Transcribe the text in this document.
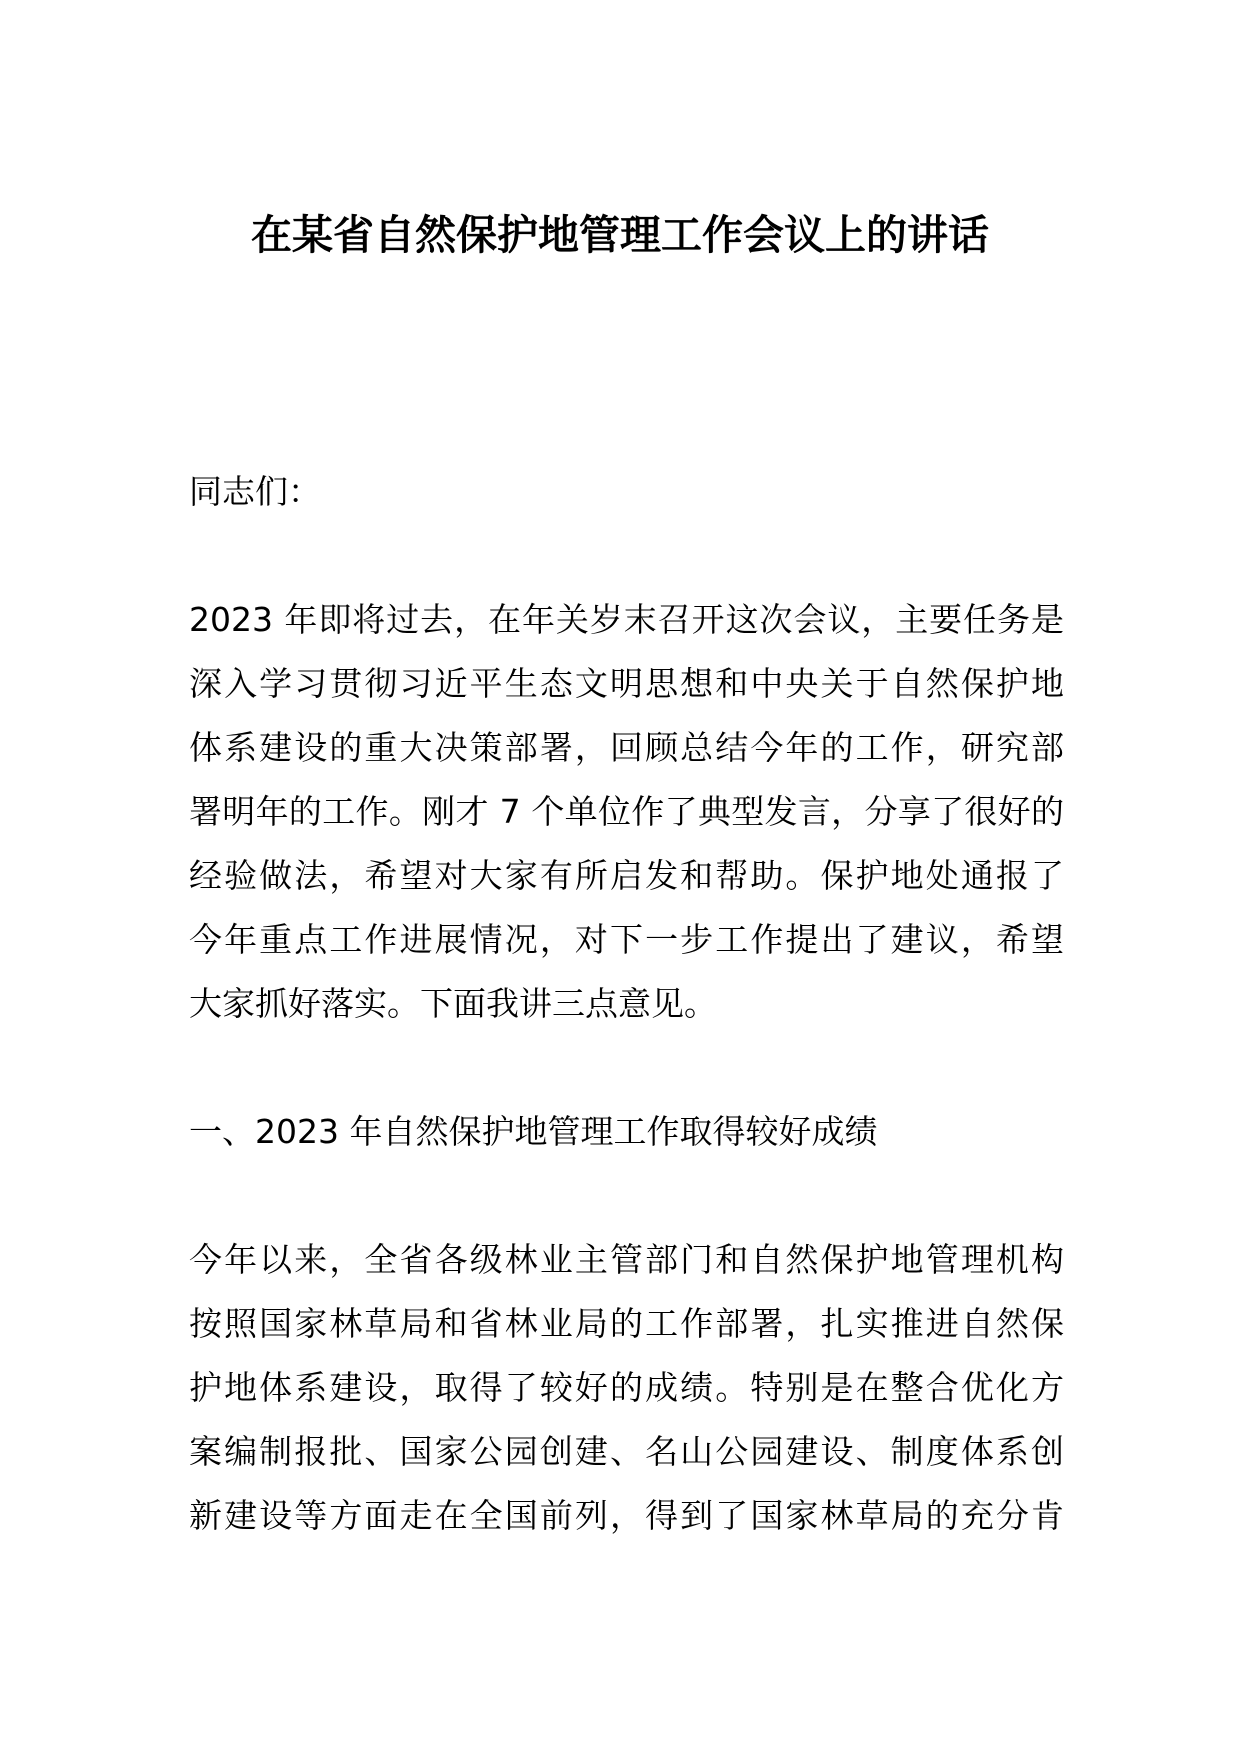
在某省自然保护地管理工作会议上的讲话
同志们：
2023 年即将过去，在年关岁末召开这次会议，主要任务是
深入学习贯彻习近平生态文明思想和中央关于自然保护地
体系建设的重大决策部署，回顾总结今年的工作，研究部
署明年的工作。刚才 7 个单位作了典型发言，分享了很好的
经验做法，希望对大家有所启发和帮助。保护地处通报了
今年重点工作进展情况，对下一步工作提出了建议，希望
大家抓好落实。下面我讲三点意见。
一、2023 年自然保护地管理工作取得较好成绩
今年以来，全省各级林业主管部门和自然保护地管理机构
按照国家林草局和省林业局的工作部署，扎实推进自然保
护地体系建设，取得了较好的成绩。特别是在整合优化方
案编制报批、国家公园创建、名山公园建设、制度体系创
新建设等方面走在全国前列，得到了国家林草局的充分肯
